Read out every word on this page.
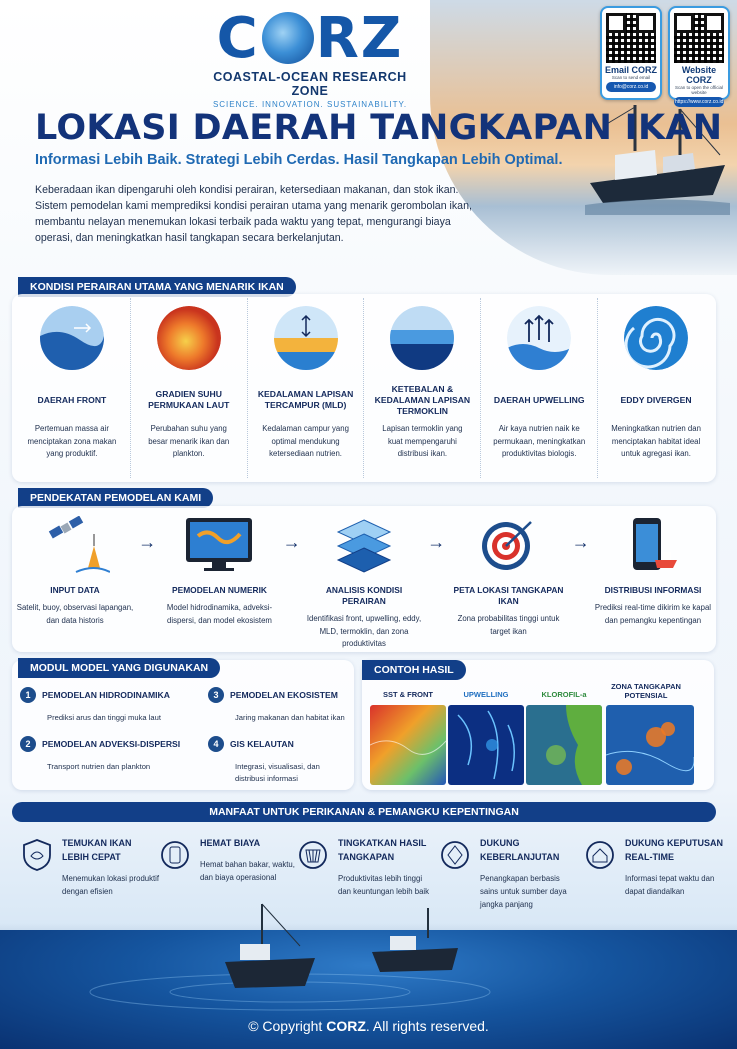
C RZ
COASTAL-OCEAN RESEARCH ZONE
SCIENCE. INNOVATION. SUSTAINABILITY.
Email CORZ
Scan to send email
info@corz.co.id
Website CORZ
Scan to open the official website
https://www.corz.co.id
LOKASI DAERAH TANGKAPAN IKAN
Informasi Lebih Baik. Strategi Lebih Cerdas. Hasil Tangkapan Lebih Optimal.
Keberadaan ikan dipengaruhi oleh kondisi perairan, ketersediaan makanan, dan stok ikan. Sistem pemodelan kami memprediksi kondisi perairan utama yang menarik gerombolan ikan, membantu nelayan menemukan lokasi terbaik pada waktu yang tepat, mengurangi biaya operasi, dan meningkatkan hasil tangkapan secara berkelanjutan.
KONDISI PERAIRAN UTAMA YANG MENARIK IKAN
DAERAH FRONT
Pertemuan massa air menciptakan zona makan yang produktif.
GRADIEN SUHU PERMUKAAN LAUT
Perubahan suhu yang besar menarik ikan dan plankton.
KEDALAMAN LAPISAN TERCAMPUR (MLD)
Kedalaman campur yang optimal mendukung ketersediaan nutrien.
KETEBALAN & KEDALAMAN LAPISAN TERMOKLIN
Lapisan termoklin yang kuat mempengaruhi distribusi ikan.
DAERAH UPWELLING
Air kaya nutrien naik ke permukaan, meningkatkan produktivitas biologis.
EDDY DIVERGEN
Meningkatkan nutrien dan menciptakan habitat ideal untuk agregasi ikan.
PENDEKATAN PEMODELAN KAMI
INPUT DATA
Satelit, buoy, observasi lapangan, dan data historis
→
PEMODELAN NUMERIK
Model hidrodinamika, adveksi-dispersi, dan model ekosistem
→
ANALISIS KONDISI PERAIRAN
Identifikasi front, upwelling, eddy, MLD, termoklin, dan zona produktivitas
→
PETA LOKASI TANGKAPAN IKAN
Zona probabilitas tinggi untuk target ikan
→
DISTRIBUSI INFORMASI
Prediksi real-time dikirim ke kapal dan pemangku kepentingan
MODUL MODEL YANG DIGUNAKAN
1 PEMODELAN HIDRODINAMIKA
Prediksi arus dan tinggi muka laut
2 PEMODELAN ADVEKSI-DISPERSI
Transport nutrien dan plankton
3 PEMODELAN EKOSISTEM
Jaring makanan dan habitat ikan
4 GIS KELAUTAN
Integrasi, visualisasi, dan distribusi informasi
SST & FRONT	UPWELLING	KLOROFIL-a
ZONA TANGKAPAN POTENSIAL
CONTOH HASIL
MANFAAT UNTUK PERIKANAN & PEMANGKU KEPENTINGAN
TEMUKAN IKAN LEBIH CEPAT
Menemukan lokasi produktif dengan efisien
HEMAT BIAYA
Hemat bahan bakar, waktu, dan biaya operasional
TINGKATKAN HASIL TANGKAPAN
Produktivitas lebih tinggi dan keuntungan lebih baik
DUKUNG KEBERLANJUTAN
Penangkapan berbasis sains untuk sumber daya jangka panjang
DUKUNG KEPUTUSAN REAL-TIME
Informasi tepat waktu dan dapat diandalkan
© Copyright CORZ. All rights reserved.
